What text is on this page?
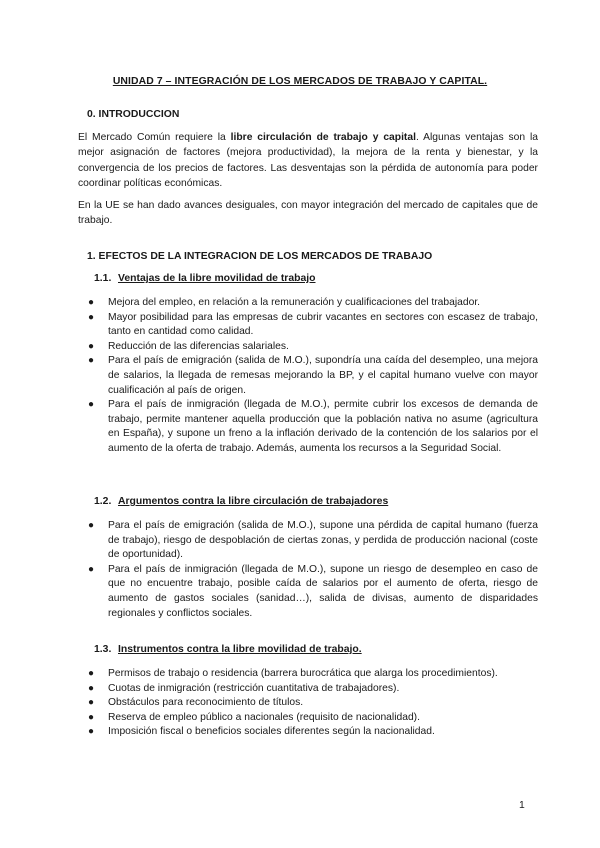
UNIDAD 7 – INTEGRACIÓN DE LOS MERCADOS DE TRABAJO Y CAPITAL.
0. INTRODUCCION

El Mercado Común requiere la libre circulación de trabajo y capital. Algunas ventajas son la mejor asignación de factores (mejora productividad), la mejora de la renta y bienestar, y la convergencia de los precios de factores. Las desventajas son la pérdida de autonomía para poder coordinar políticas económicas.

En la UE se han dado avances desiguales, con mayor integración del mercado de capitales que de trabajo.

1. EFECTOS DE LA INTEGRACION DE LOS MERCADOS DE TRABAJO
1.1. Ventajas de la libre movilidad de trabajo
● Mejora del empleo, en relación a la remuneración y cualificaciones del trabajador.
● Mayor posibilidad para las empresas de cubrir vacantes en sectores con escasez de trabajo, tanto en cantidad como calidad.
● Reducción de las diferencias salariales.
● Para el país de emigración (salida de M.O.), supondría una caída del desempleo, una mejora de salarios, la llegada de remesas mejorando la BP, y el capital humano vuelve con mayor cualificación al país de origen.
● Para el país de inmigración (llegada de M.O.), permite cubrir los excesos de demanda de trabajo, permite mantener aquella producción que la población nativa no asume (agricultura en España), y supone un freno a la inflación derivado de la contención de los salarios por el aumento de la oferta de trabajo. Además, aumenta los recursos a la Seguridad Social.
1.2. Argumentos contra la libre circulación de trabajadores
● Para el país de emigración (salida de M.O.), supone una pérdida de capital humano (fuerza de trabajo), riesgo de despoblación de ciertas zonas, y perdida de producción nacional (coste de oportunidad).
● Para el país de inmigración (llegada de M.O.), supone un riesgo de desempleo en caso de que no encuentre trabajo, posible caída de salarios por el aumento de oferta, riesgo de aumento de gastos sociales (sanidad…), salida de divisas, aumento de disparidades regionales y conflictos sociales.
1.3. Instrumentos contra la libre movilidad de trabajo.
● Permisos de trabajo o residencia (barrera burocrática que alarga los procedimientos).
● Cuotas de inmigración (restricción cuantitativa de trabajadores).
● Obstáculos para reconocimiento de títulos.
● Reserva de empleo público a nacionales (requisito de nacionalidad).
● Imposición fiscal o beneficios sociales diferentes según la nacionalidad.
1
